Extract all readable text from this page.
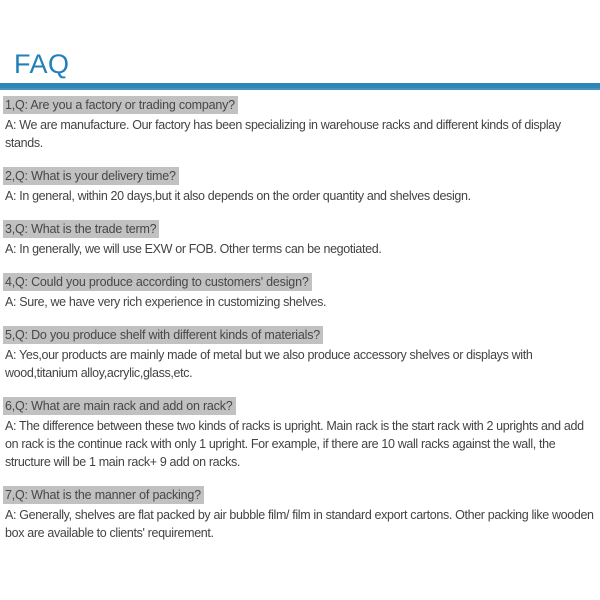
FAQ
1,Q: Are you a factory or trading company?

A: We are manufacture. Our factory has been specializing in warehouse racks and different kinds of display stands.

2,Q: What is your delivery time?

A: In general, within 20 days,but it also depends on the order quantity and shelves design.

3,Q: What is the trade term?

A: In generally, we will use EXW or FOB. Other terms can be negotiated.

4,Q: Could you produce according to customers' design?

A: Sure, we have very rich experience in customizing shelves.

5,Q: Do you produce shelf with different kinds of materials?

A: Yes,our products are mainly made of metal but we also produce accessory shelves or displays with wood,titanium alloy,acrylic,glass,etc.

6,Q: What are main rack and add on rack?

A: The difference between these two kinds of racks is upright. Main rack is the start rack with 2 uprights and add on rack is the continue rack with only 1 upright. For example, if there are 10 wall racks against the wall, the structure will be 1 main rack+ 9 add on racks.

7,Q: What is the manner of packing?

A: Generally, shelves are flat packed by air bubble film/ film in standard export cartons. Other packing like wooden box are available to clients' requirement.
